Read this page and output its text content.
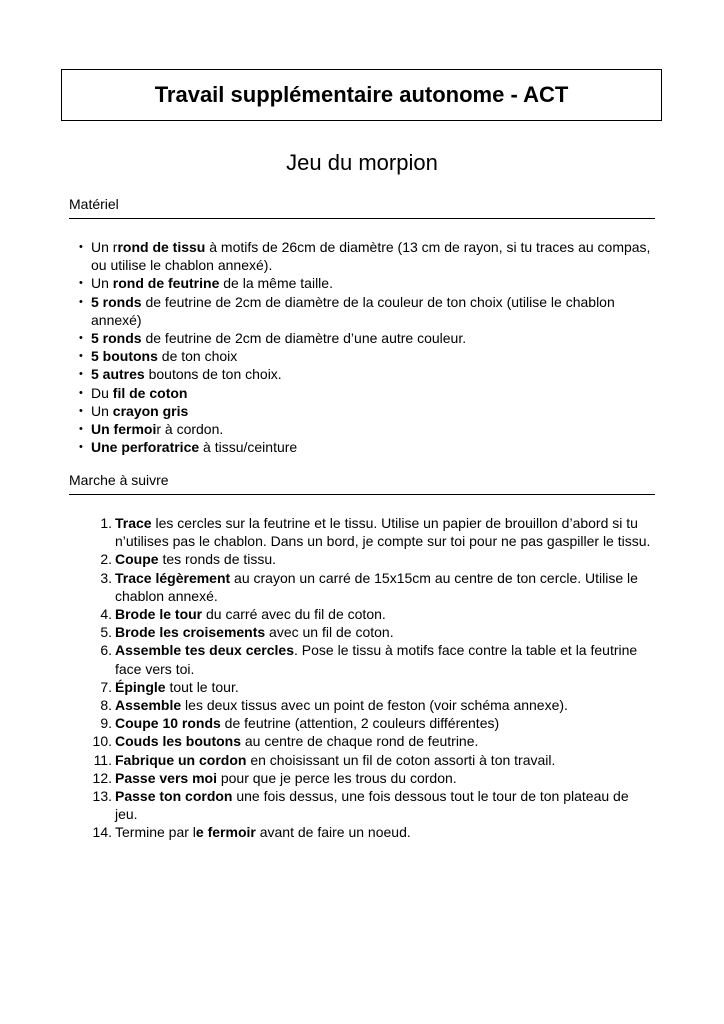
Travail supplémentaire autonome - ACT
Jeu du morpion
Matériel
• Un rrond de tissu à motifs de 26cm de diamètre (13 cm de rayon, si tu traces au compas, ou utilise le chablon annexé).
• Un rond de feutrine de la même taille.
• 5 ronds de feutrine de 2cm de diamètre de la couleur de ton choix (utilise le chablon annexé)
• 5 ronds de feutrine de 2cm de diamètre d’une autre couleur.
• 5 boutons de ton choix
• 5 autres boutons de ton choix.
• Du fil de coton
• Un crayon gris
• Un fermoir à cordon.
• Une perforatrice à tissu/ceinture
Marche à suivre
1. Trace les cercles sur la feutrine et le tissu. Utilise un papier de brouillon d’abord si tu n’utilises pas le chablon. Dans un bord, je compte sur toi pour ne pas gaspiller le tissu.
2. Coupe tes ronds de tissu.
3. Trace légèrement au crayon un carré de 15x15cm au centre de ton cercle. Utilise le chablon annexé.
4. Brode le tour du carré avec du fil de coton.
5. Brode les croisements avec un fil de coton.
6. Assemble tes deux cercles. Pose le tissu à motifs face contre la table et la feutrine face vers toi.
7. Épingle tout le tour.
8. Assemble les deux tissus avec un point de feston (voir schéma annexe).
9. Coupe 10 ronds de feutrine (attention, 2 couleurs différentes)
10. Couds les boutons au centre de chaque rond de feutrine.
11. Fabrique un cordon en choisissant un fil de coton assorti à ton travail.
12. Passe vers moi pour que je perce les trous du cordon.
13. Passe ton cordon une fois dessus, une fois dessous tout le tour de ton plateau de jeu.
14. Termine par le fermoir avant de faire un noeud.
